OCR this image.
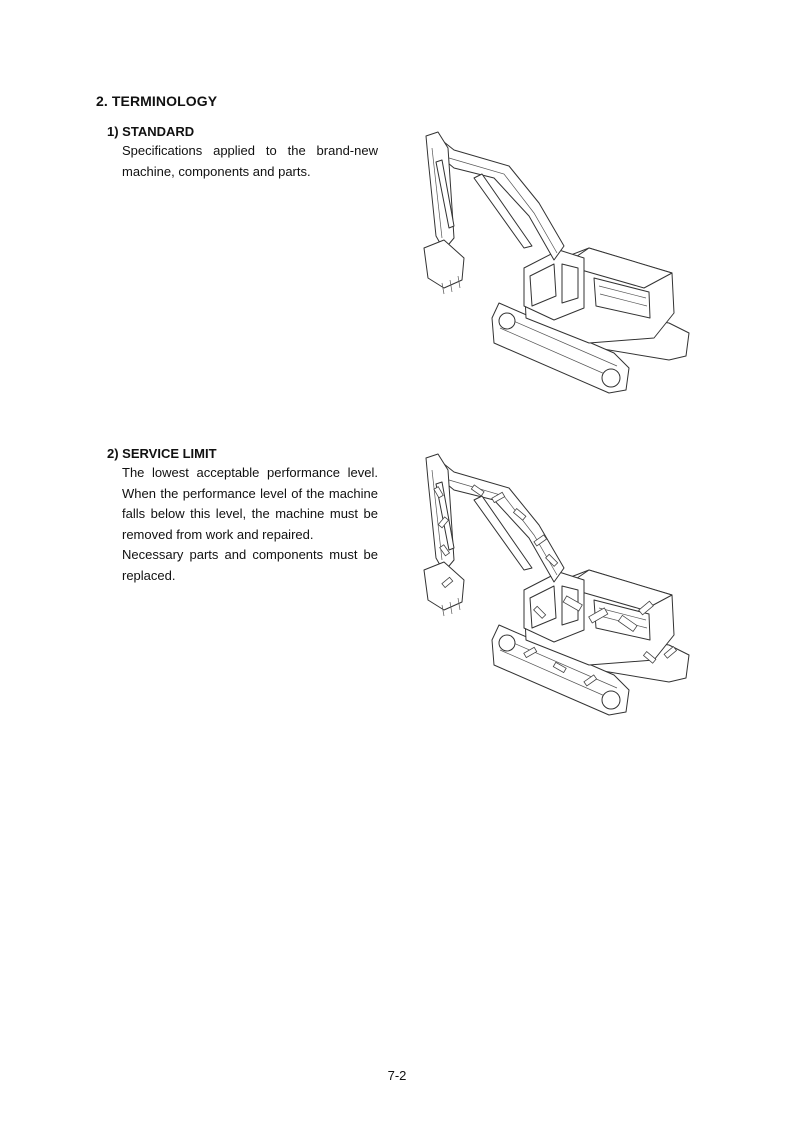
2. TERMINOLOGY
1) STANDARD

Specifications applied to the brand-new
machine, components and parts.

2) SERVICE LIMIT

The lowest acceptable performance level.
When the performance level of the machine
falls below this level, the machine must be
removed from work and repaired.
Necessary parts and components must be
replaced.

7-2
